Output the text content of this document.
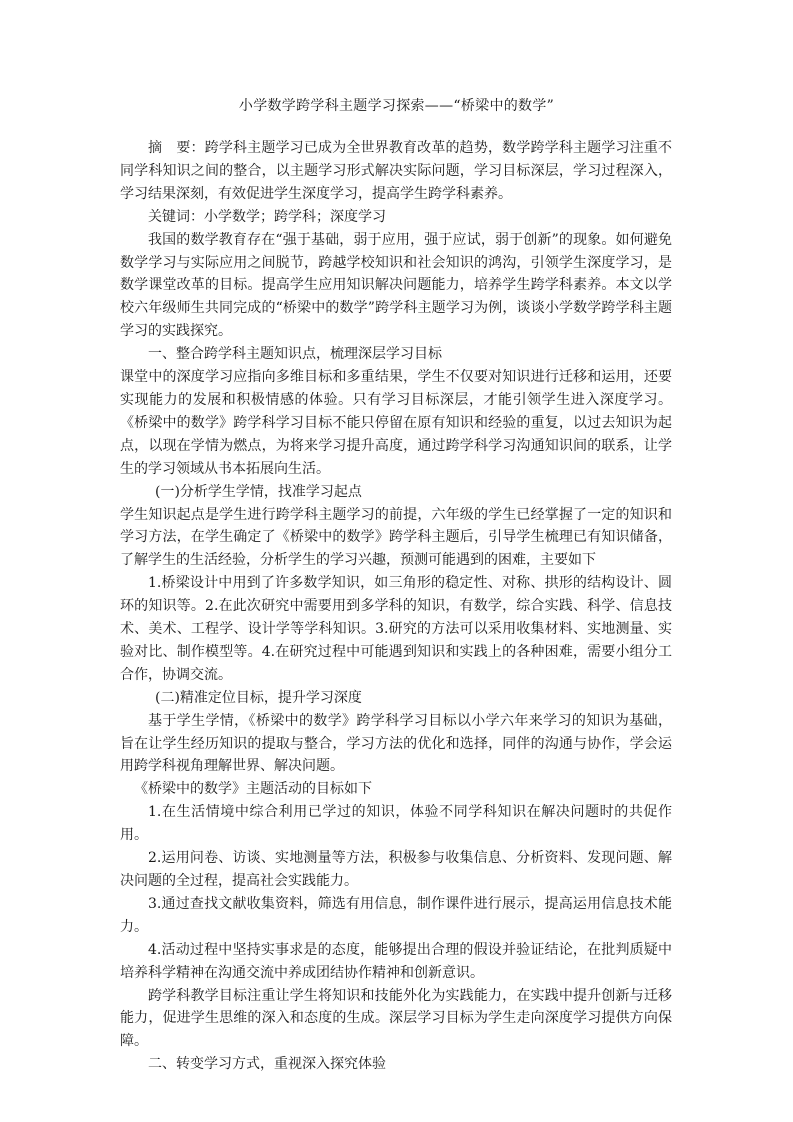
小学数学跨学科主题学习探索——“桥梁中的数学”

摘　要：跨学科主题学习已成为全世界教育改革的趋势，数学跨学科主题学习注重不同学科知识之间的整合，以主题学习形式解决实际问题，学习目标深层，学习过程深入，学习结果深刻，有效促进学生深度学习，提高学生跨学科素养。

关键词：小学数学；跨学科；深度学习

我国的数学教育存在“强于基础，弱于应用，强于应试，弱于创新”的现象。如何避免数学学习与实际应用之间脱节，跨越学校知识和社会知识的鸿沟，引领学生深度学习，是数学课堂改革的目标。提高学生应用知识解决问题能力，培养学生跨学科素养。本文以学校六年级师生共同完成的“桥梁中的数学”跨学科主题学习为例，谈谈小学数学跨学科主题学习的实践探究。

一、整合跨学科主题知识点，梳理深层学习目标

课堂中的深度学习应指向多维目标和多重结果，学生不仅要对知识进行迁移和运用，还要实现能力的发展和积极情感的体验。只有学习目标深层，才能引领学生进入深度学习。《桥梁中的数学》跨学科学习目标不能只停留在原有知识和经验的重复，以过去知识为起点，以现在学情为燃点，为将来学习提升高度，通过跨学科学习沟通知识间的联系，让学生的学习领域从书本拓展向生活。

(一)分析学生学情，找准学习起点

学生知识起点是学生进行跨学科主题学习的前提，六年级的学生已经掌握了一定的知识和学习方法，在学生确定了《桥梁中的数学》跨学科主题后，引导学生梳理已有知识储备，了解学生的生活经验，分析学生的学习兴趣，预测可能遇到的困难，主要如下

1.桥梁设计中用到了许多数学知识，如三角形的稳定性、对称、拱形的结构设计、圆环的知识等。2.在此次研究中需要用到多学科的知识，有数学，综合实践、科学、信息技术、美术、工程学、设计学等学科知识。3.研究的方法可以采用收集材料、实地测量、实验对比、制作模型等。4.在研究过程中可能遇到知识和实践上的各种困难，需要小组分工合作，协调交流。

(二)精准定位目标，提升学习深度

基于学生学情，《桥梁中的数学》跨学科学习目标以小学六年来学习的知识为基础，旨在让学生经历知识的提取与整合，学习方法的优化和选择，同伴的沟通与协作，学会运用跨学科视角理解世界、解决问题。

《桥梁中的数学》主题活动的目标如下

1.在生活情境中综合利用已学过的知识，体验不同学科知识在解决问题时的共促作用。

2.运用问卷、访谈、实地测量等方法，积极参与收集信息、分析资料、发现问题、解决问题的全过程，提高社会实践能力。

3.通过查找文献收集资料，筛选有用信息，制作课件进行展示，提高运用信息技术能力。

4.活动过程中坚持实事求是的态度，能够提出合理的假设并验证结论，在批判质疑中培养科学精神在沟通交流中养成团结协作精神和创新意识。

跨学科教学目标注重让学生将知识和技能外化为实践能力，在实践中提升创新与迁移能力，促进学生思维的深入和态度的生成。深层学习目标为学生走向深度学习提供方向保障。

二、转变学习方式，重视深入探究体验
